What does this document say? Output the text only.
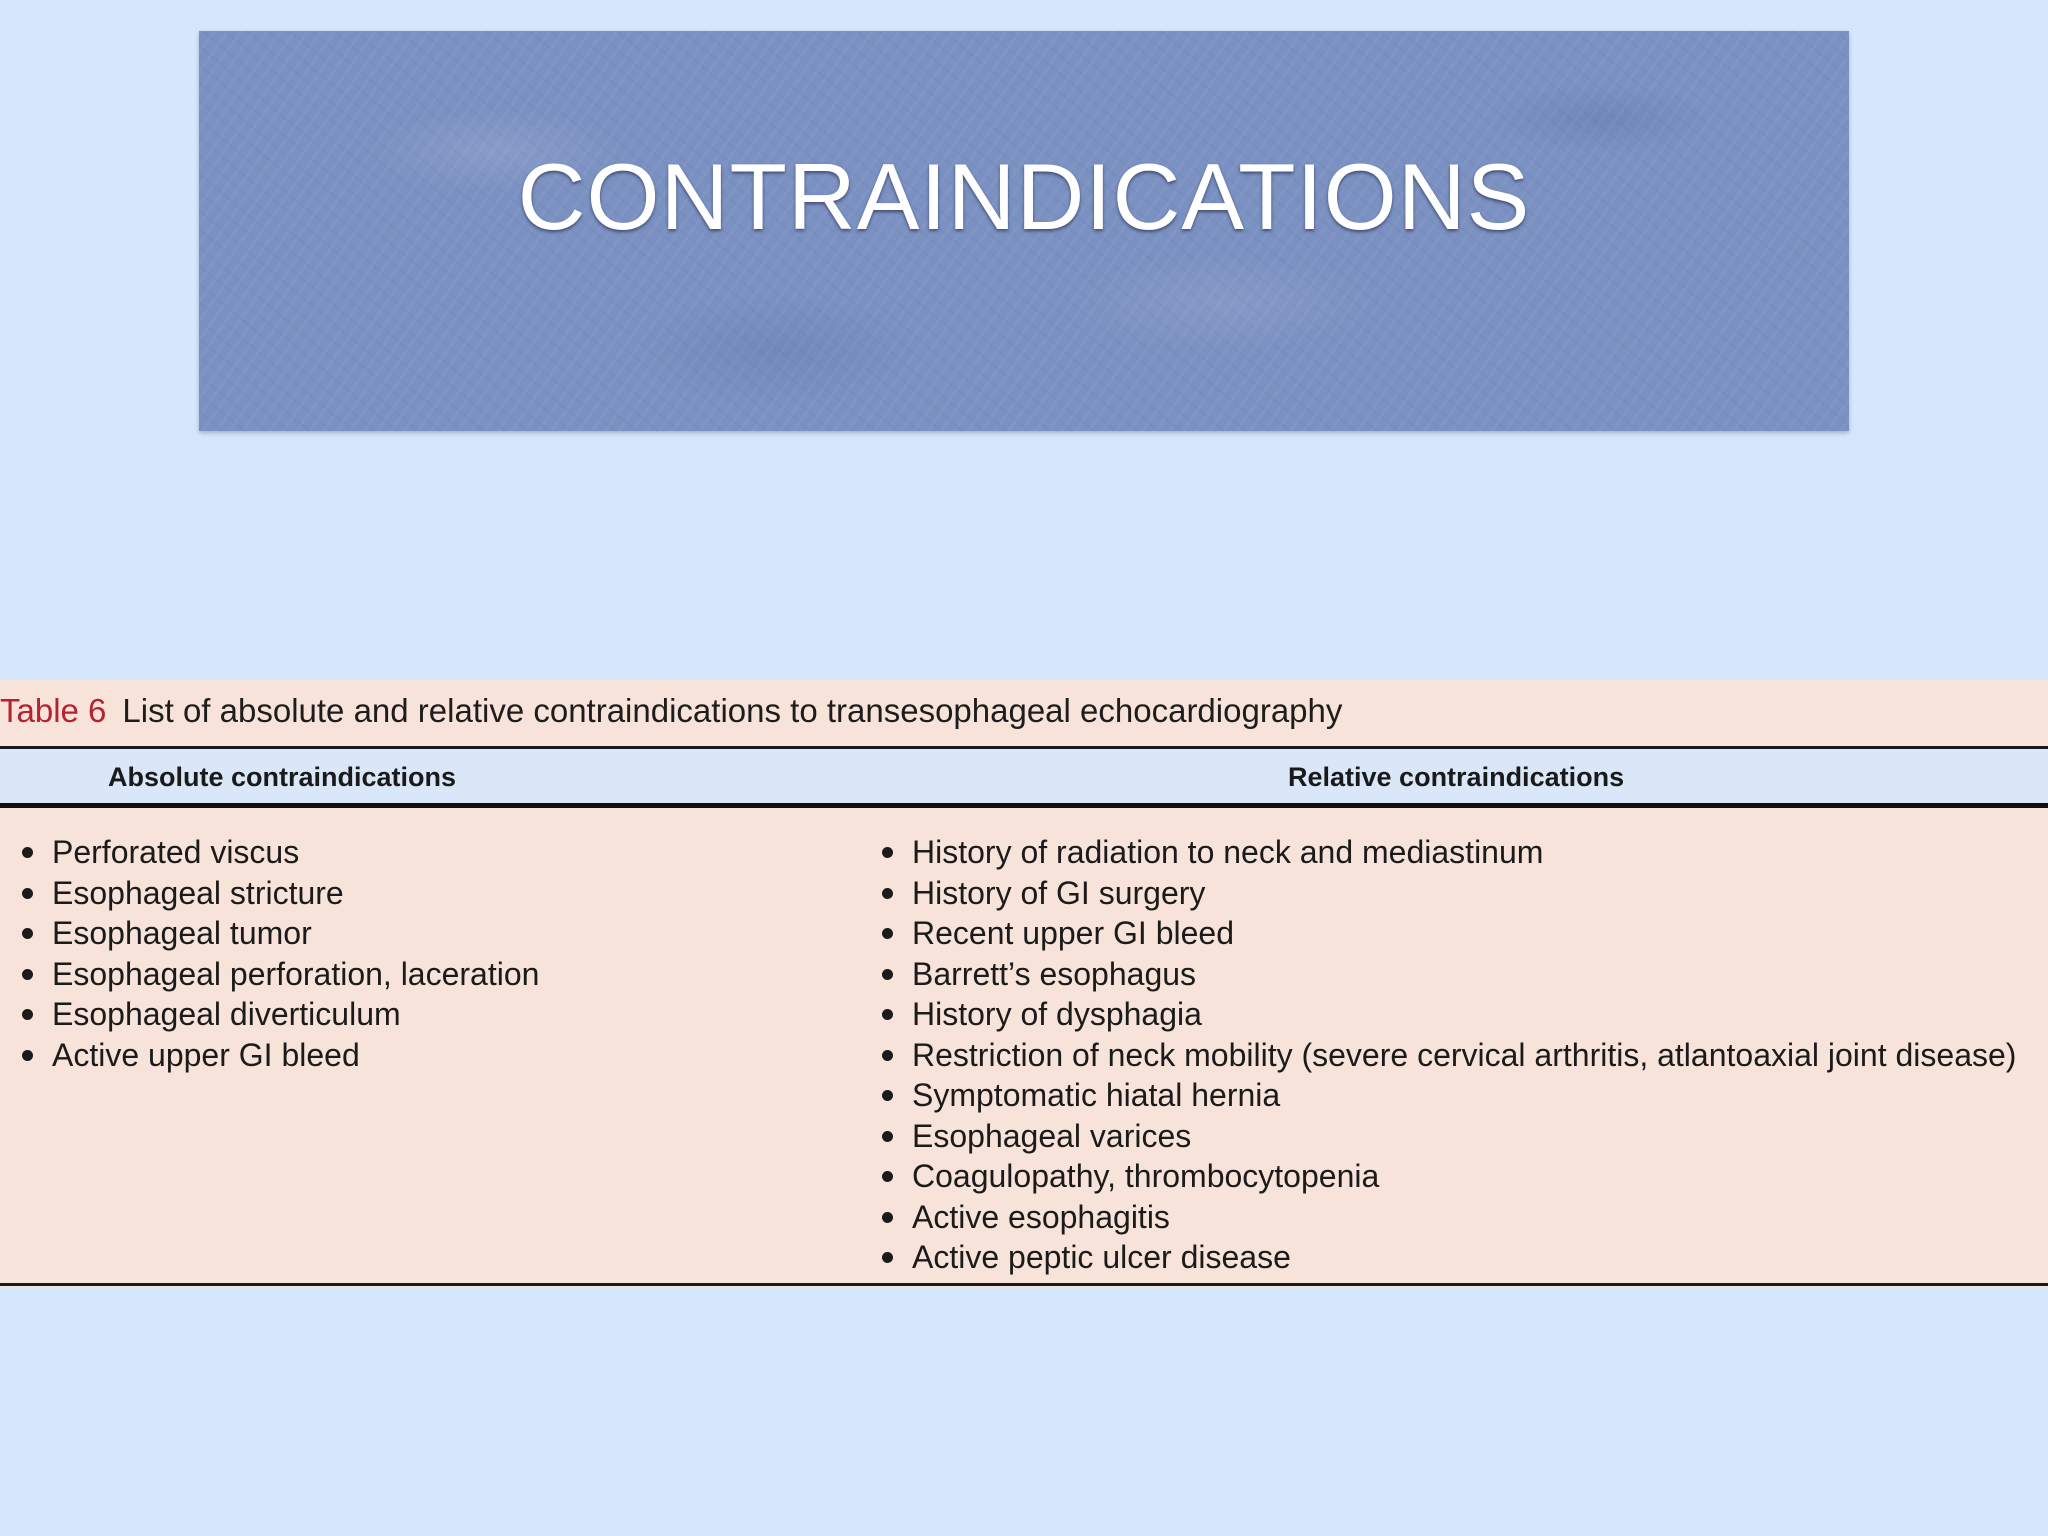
CONTRAINDICATIONS
Table 6 List of absolute and relative contraindications to transesophageal echocardiography
Absolute contraindications	Relative contraindications
Perforated viscus
Esophageal stricture
Esophageal tumor
Esophageal perforation, laceration
Esophageal diverticulum
Active upper GI bleed
History of radiation to neck and mediastinum
History of GI surgery
Recent upper GI bleed
Barrett’s esophagus
History of dysphagia
Restriction of neck mobility (severe cervical arthritis, atlantoaxial joint disease)
Symptomatic hiatal hernia
Esophageal varices
Coagulopathy, thrombocytopenia
Active esophagitis
Active peptic ulcer disease
